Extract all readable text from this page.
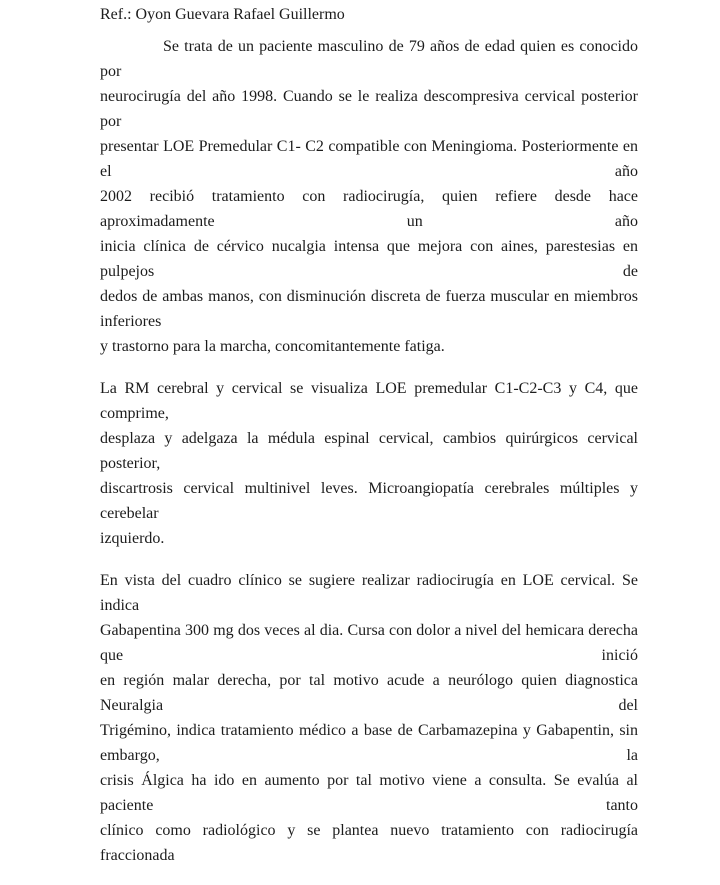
Ref.: Oyon Guevara Rafael Guillermo

Se trata de un paciente masculino de 79 años de edad quien es conocido por
neurocirugía del año 1998. Cuando se le realiza descompresiva cervical posterior por
presentar LOE Premedular C1- C2 compatible con Meningioma. Posteriormente en el año
2002 recibió tratamiento con radiocirugía, quien refiere desde hace aproximadamente un año
inicia clínica de cérvico nucalgia intensa que mejora con aines, parestesias en pulpejos de
dedos de ambas manos, con disminución discreta de fuerza muscular en miembros inferiores
y trastorno para la marcha, concomitantemente fatiga.

La RM cerebral y cervical se visualiza LOE premedular C1-C2-C3 y C4, que comprime,
desplaza y adelgaza la médula espinal cervical, cambios quirúrgicos cervical posterior,
discartrosis cervical multinivel leves. Microangiopatía cerebrales múltiples y cerebelar
izquierdo.

En vista del cuadro clínico se sugiere realizar radiocirugía en LOE cervical. Se indica
Gabapentina 300 mg dos veces al dia. Cursa con dolor a nivel del hemicara derecha que inició
en región malar derecha, por tal motivo acude a neurólogo quien diagnostica Neuralgia del
Trigémino, indica tratamiento médico a base de Carbamazepina y Gabapentin, sin embargo, la
crisis Álgica ha ido en aumento por tal motivo viene a consulta. Se evalúa al paciente tanto
clínico como radiológico y se plantea nuevo tratamiento con radiocirugía fraccionada
